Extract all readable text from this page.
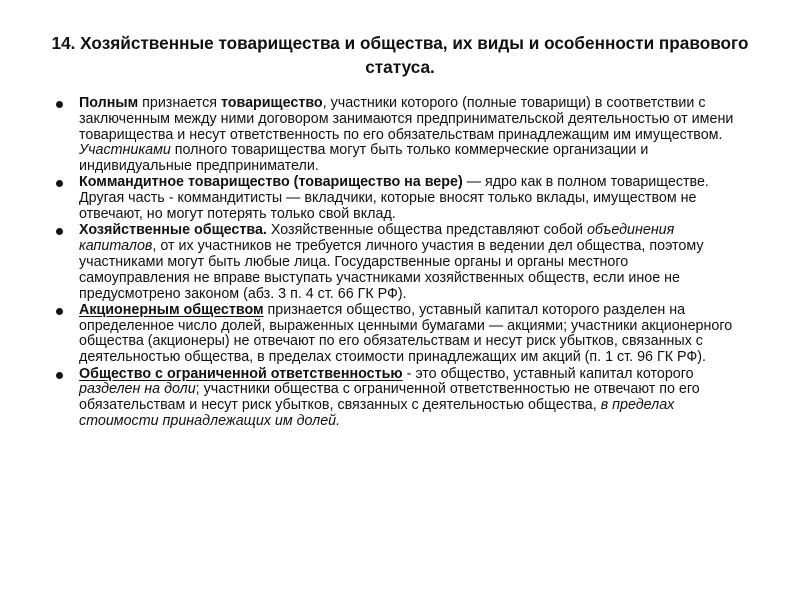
14. Хозяйственные товарищества и общества, их виды и особенности правового статуса.
Полным признается товарищество, участники которого (полные товарищи) в соответствии с заключенным между ними договором занимаются предпринимательской деятельностью от имени товарищества и несут ответственность по его обязательствам принадлежащим им имуществом. Участниками полного товарищества могут быть только коммерческие организации и индивидуальные предприниматели.
Коммандитное товарищество (товарищество на вере) — ядро как в полном товариществе. Другая часть - коммандитисты — вкладчики, которые вносят только вклады, имуществом не отвечают, но могут потерять только свой вклад.
Хозяйственные общества. Хозяйственные общества представляют собой объединения капиталов, от их участников не требуется личного участия в ведении дел общества, поэтому участниками могут быть любые лица. Государственные органы и органы местного самоуправления не вправе выступать участниками хозяйственных обществ, если иное не предусмотрено законом (абз. 3 п. 4 ст. 66 ГК РФ).
Акционерным обществом признается общество, уставный капитал которого разделен на определенное число долей, выраженных ценными бумагами — акциями; участники акционерного общества (акционеры) не отвечают по его обязательствам и несут риск убытков, связанных с деятельностью общества, в пределах стоимости принадлежащих им акций (п. 1 ст. 96 ГК РФ).
Общество с ограниченной ответственностью - это общество, уставный капитал которого разделен на доли; участники общества с ограниченной ответственностью не отвечают по его обязательствам и несут риск убытков, связанных с деятельностью общества, в пределах стоимости принадлежащих им долей.
